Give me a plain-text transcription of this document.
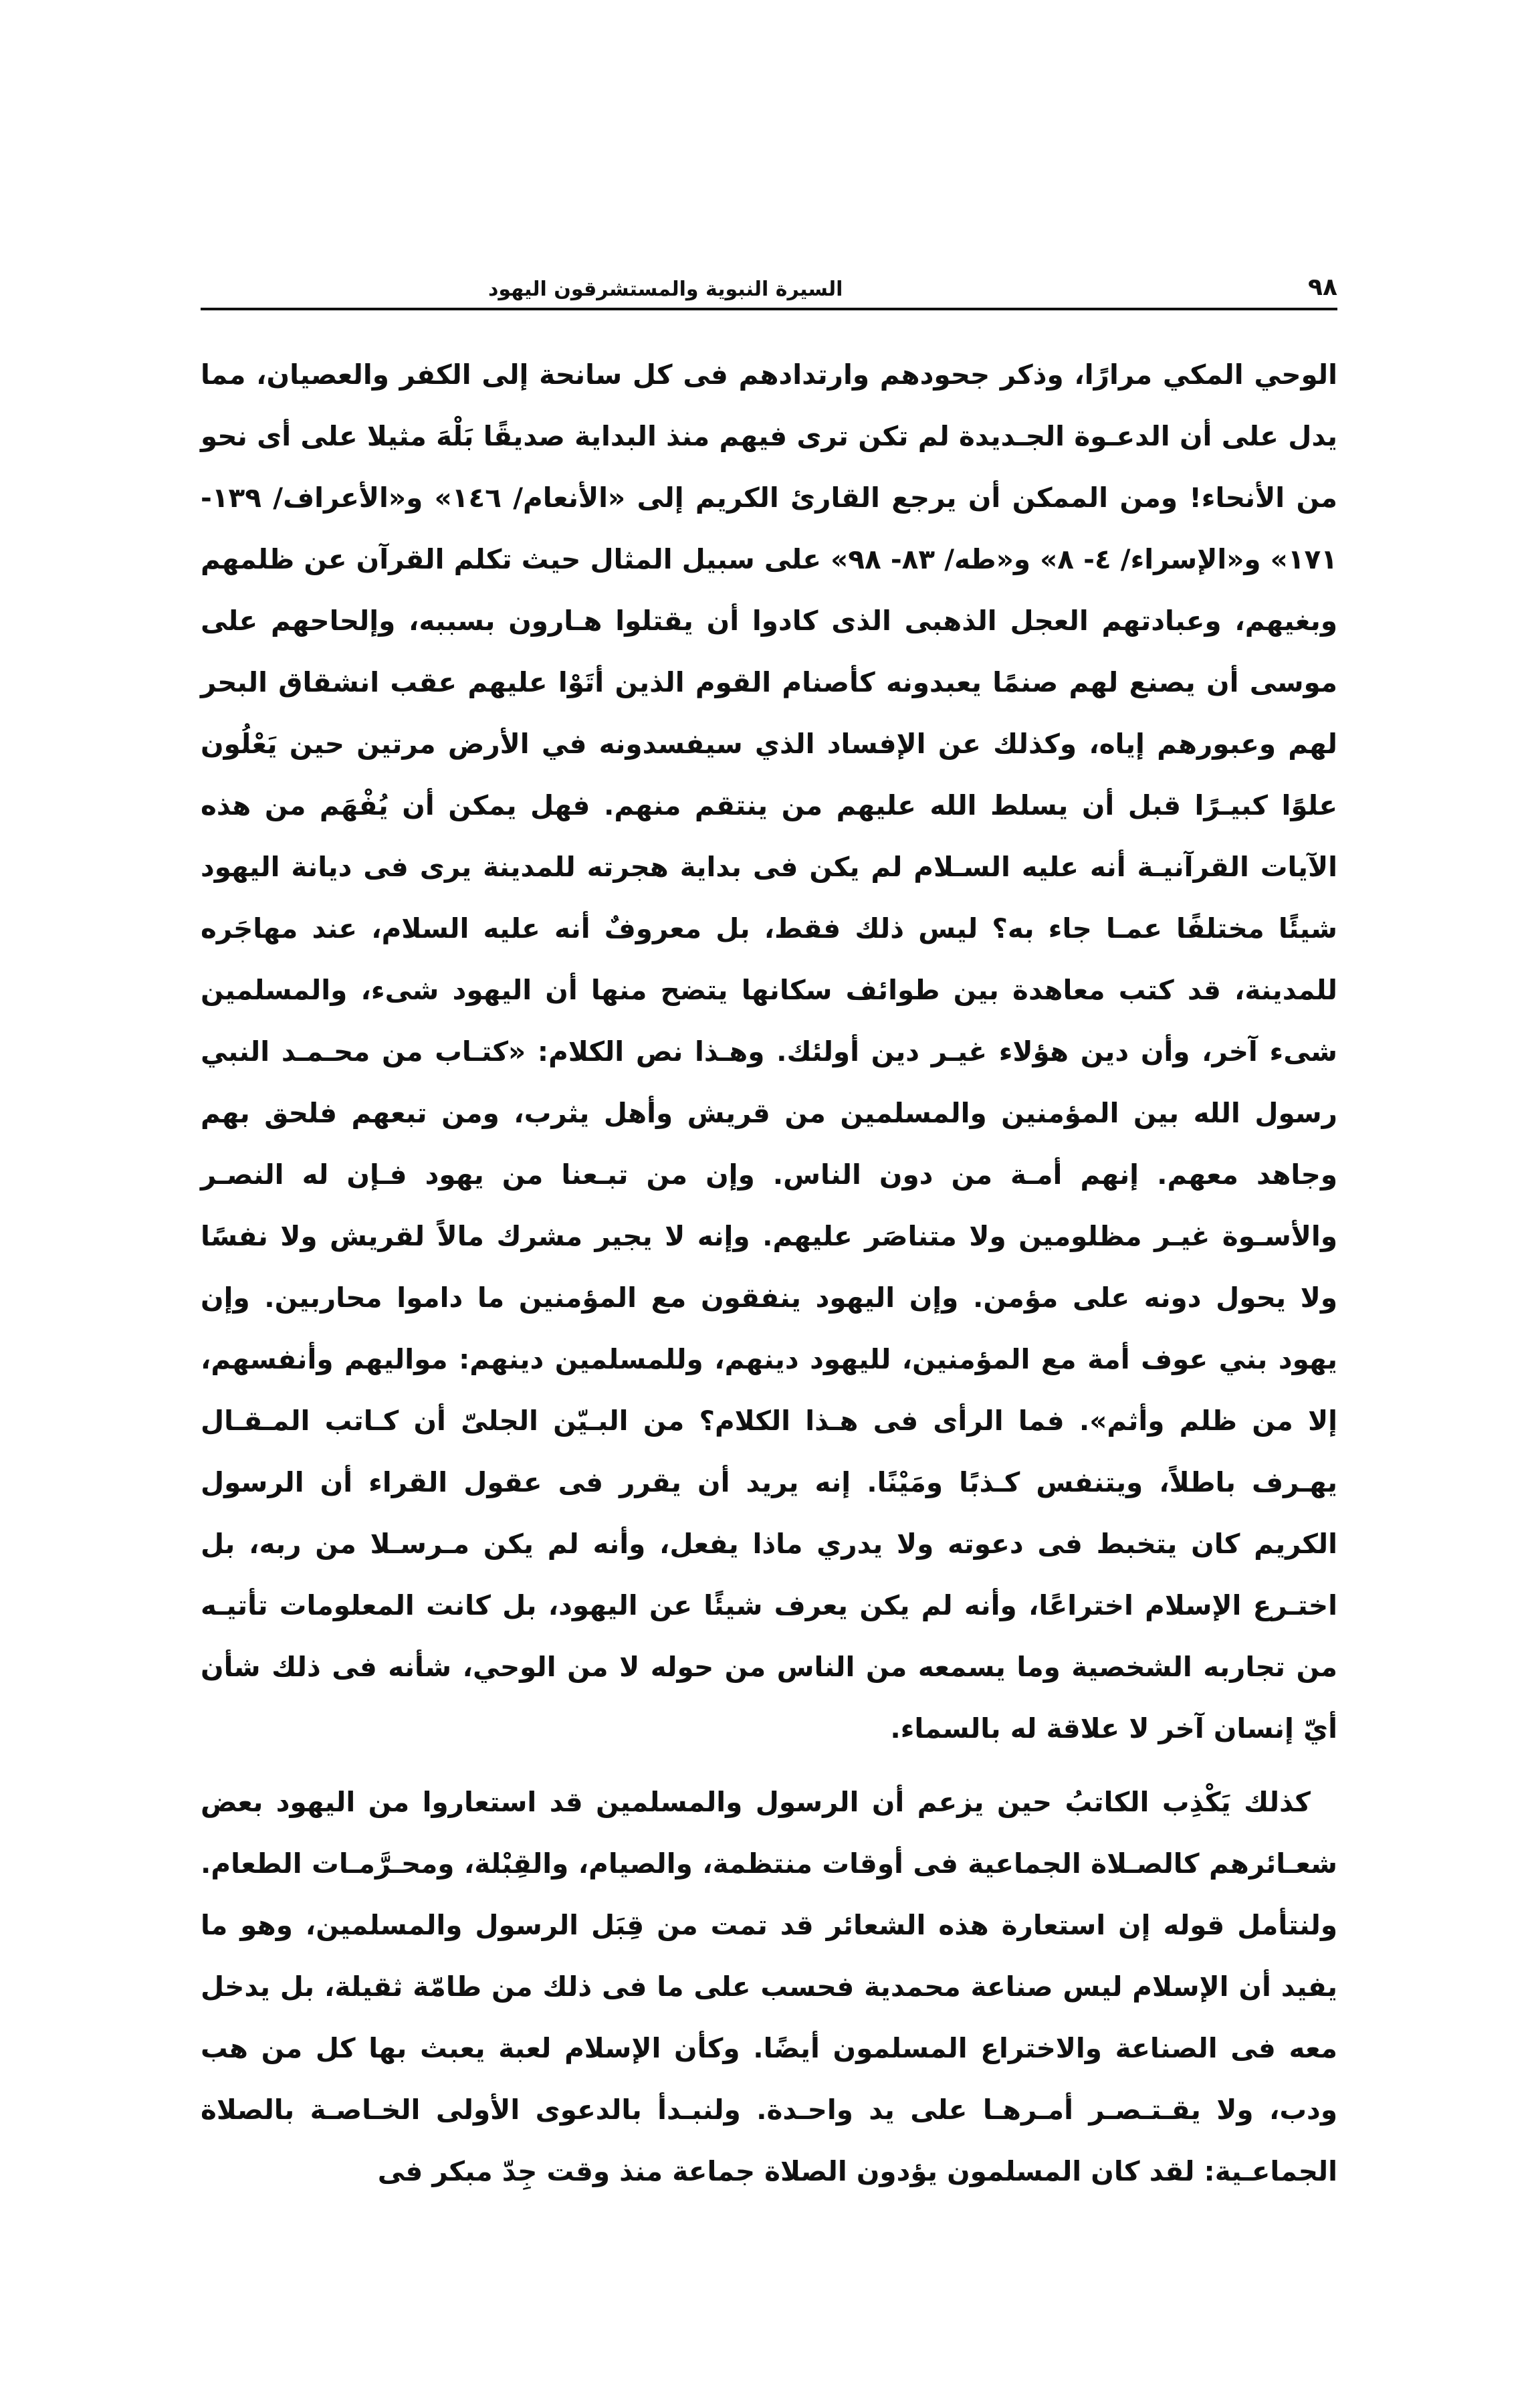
٩٨
السيرة النبوية والمستشرقون اليهود

الوحي المكي مرارًا، وذكر جحودهم وارتدادهم فى كل سانحة إلى الكفر والعصيان، مما يدل على أن الدعـوة الجـديدة لم تكن ترى فيهم منذ البداية صديقًا بَلْهَ مثيلا على أى نحو من الأنحاء! ومن الممكن أن يرجع القارئ الكريم إلى «الأنعام/ ١٤٦» و«الأعراف/ ١٣٩- ١٧١» و«الإسراء/ ٤- ٨» و«طه/ ٨٣- ٩٨» على سبيل المثال حيث تكلم القرآن عن ظلمهم وبغيهم، وعبادتهم العجل الذهبى الذى كادوا أن يقتلوا هـارون بسببه، وإلحاحهم على موسى أن يصنع لهم صنمًا يعبدونه كأصنام القوم الذين أتَوْا عليهم عقب انشقاق البحر لهم وعبورهم إياه، وكذلك عن الإفساد الذي سيفسدونه في الأرض مرتين حين يَعْلُون علوًا كبيـرًا قبل أن يسلط الله عليهم من ينتقم منهم. فهل يمكن أن يُفْهَم من هذه الآيات القرآنيـة أنه عليه السـلام لم يكن فى بداية هجرته للمدينة يرى فى ديانة اليهود شيئًا مختلفًا عمـا جاء به؟ ليس ذلك فقط، بل معروفٌ أنه عليه السلام، عند مهاجَره للمدينة، قد كتب معاهدة بين طوائف سكانها يتضح منها أن اليهود شىء، والمسلمين شىء آخر، وأن دين هؤلاء غيـر دين أولئك. وهـذا نص الكلام: «كتـاب من محـمـد النبي رسول الله بين المؤمنين والمسلمين من قريش وأهل يثرب، ومن تبعهم فلحق بهم وجاهد معهم. إنهم أمـة من دون الناس. وإن من تبـعنا من يهود فـإن له النصـر والأسـوة غيـر مظلومين ولا متناصَر عليهم. وإنه لا يجير مشرك مالاً لقريش ولا نفسًا ولا يحول دونه على مؤمن. وإن اليهود ينفقون مع المؤمنين ما داموا محاربين. وإن يهود بني عوف أمة مع المؤمنين، لليهود دينهم، وللمسلمين دينهم: مواليهم وأنفسهم، إلا من ظلم وأثم». فما الرأى فى هـذا الكلام؟ من البـيّن الجلىّ أن كـاتب المـقـال يهـرف باطلاً، ويتنفس كـذبًا ومَيْنًا. إنه يريد أن يقرر فى عقول القراء أن الرسول الكريم كان يتخبط فى دعوته ولا يدري ماذا يفعل، وأنه لم يكن مـرسـلا من ربه، بل اختـرع الإسلام اختراعًا، وأنه لم يكن يعرف شيئًا عن اليهود، بل كانت المعلومات تأتيـه من تجاربه الشخصية وما يسمعه من الناس من حوله لا من الوحي، شأنه فى ذلك شأن أيّ إنسان آخر لا علاقة له بالسماء.

كذلك يَكْذِب الكاتبُ حين يزعم أن الرسول والمسلمين قد استعاروا من اليهود بعض شعـائرهم كالصـلاة الجماعية فى أوقات منتظمة، والصيام، والقِبْلة، ومحـرَّمـات الطعام. ولنتأمل قوله إن استعارة هذه الشعائر قد تمت من قِبَل الرسول والمسلمين، وهو ما يفيد أن الإسلام ليس صناعة محمدية فحسب على ما فى ذلك من طامّة ثقيلة، بل يدخل معه فى الصناعة والاختراع المسلمون أيضًا. وكأن الإسلام لعبة يعبث بها كل من هب ودب، ولا يقـتـصـر أمـرهـا على يد واحـدة. ولنبـدأ بالدعوى الأولى الخـاصـة بالصلاة الجماعـية: لقد كان المسلمون يؤدون الصلاة جماعة منذ وقت جِدّ مبكر فى
